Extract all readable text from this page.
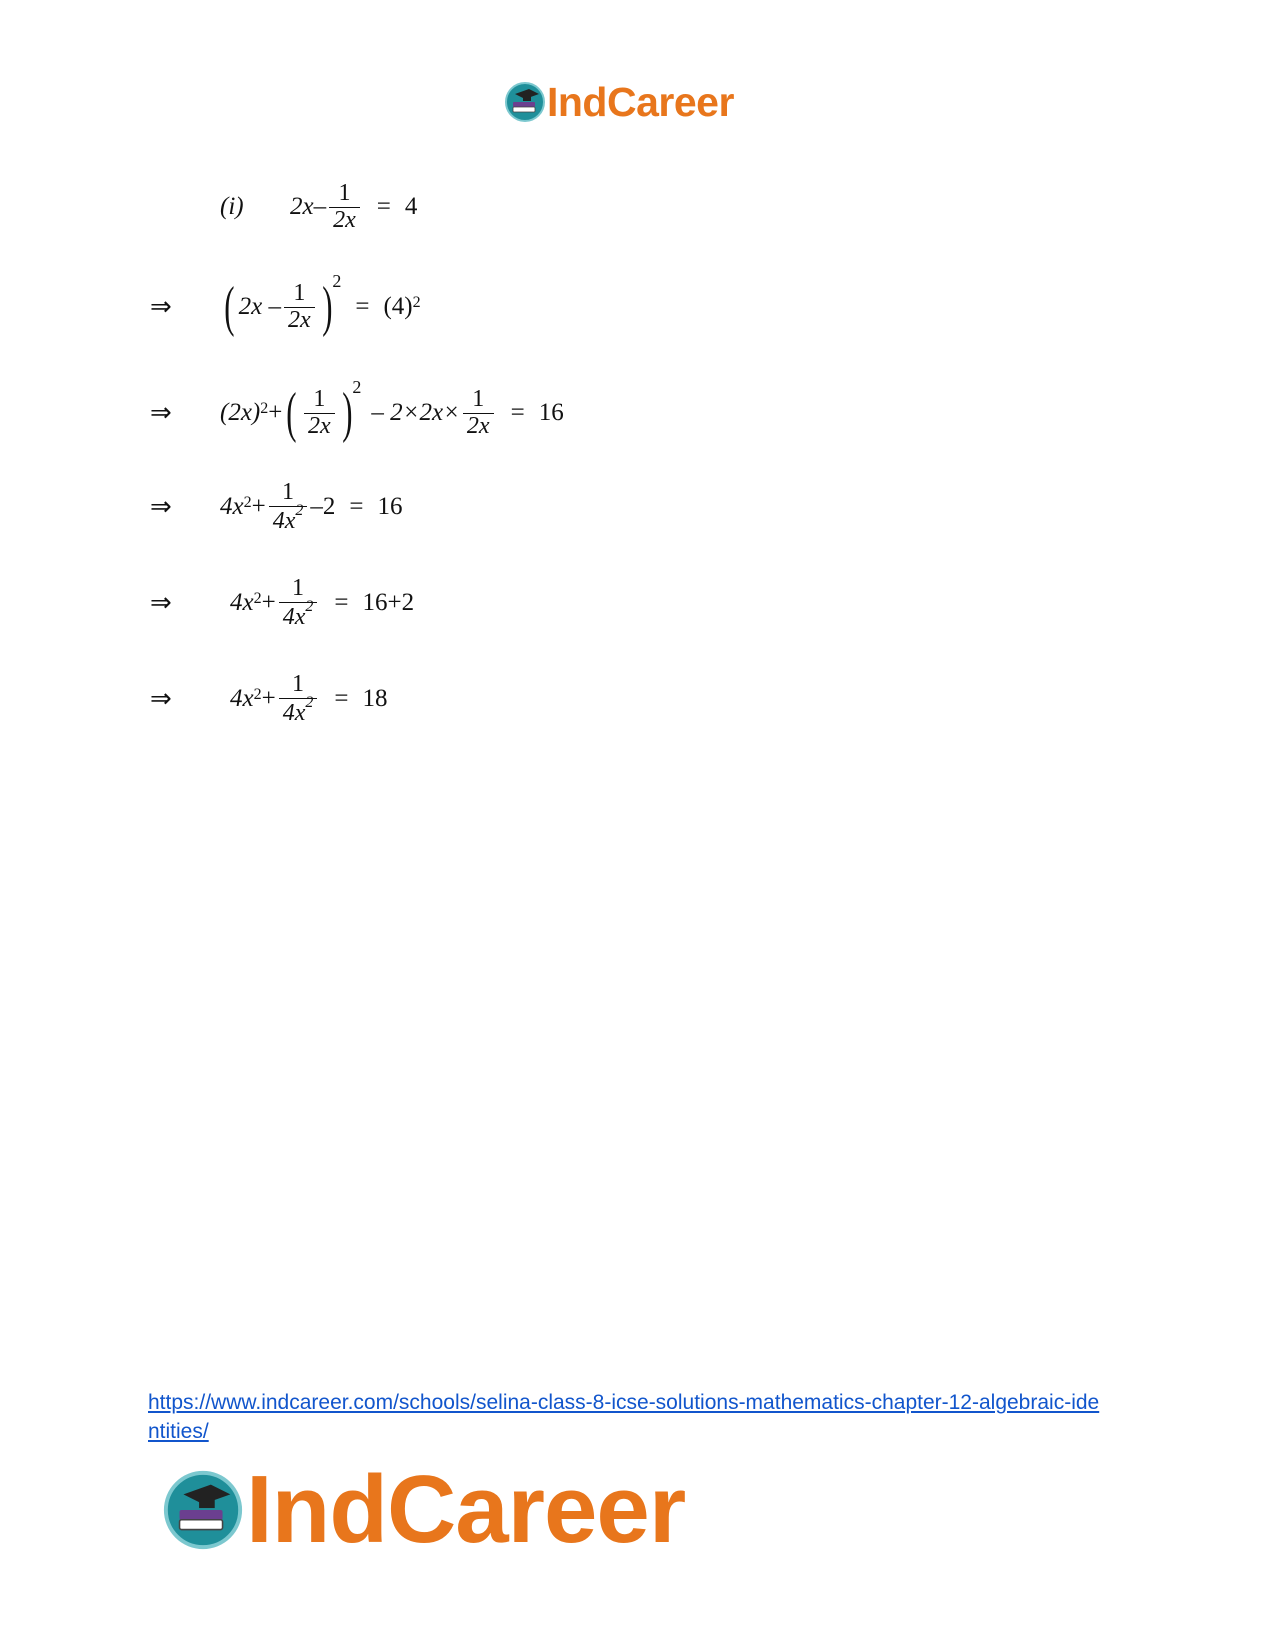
IndCareer
(i)	$2x- \frac{1}{2x} = 4$
⇒ ( $2x - \frac{1}{2x}$ ) 2
= (4) 2
⇒	(2x) 2 + ( $\frac{1}{2x}$ ) 2
– $2\times 2x\times \frac{1}{2x} = 16$
⇒	4x $2 + \frac{1}{4x^2} -2 = 16$
⇒	4x $2 + \frac{1}{4x^2} = 16+2$
⇒	4x $2 + \frac{1}{4x^2} = 18$
https://www.indcareer.com/schools/selina-class-8-icse-solutions-mathematics-chapter-12-algebraic-identities/
IndCareer
